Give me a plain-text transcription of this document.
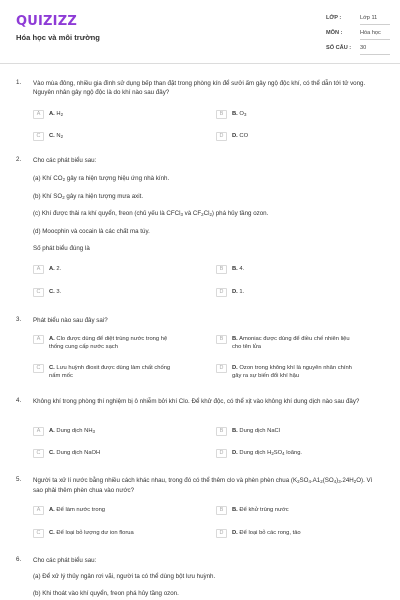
QUIZIZZ
Hóa học và môi trường
LỚP :	Lớp 11
MÔN :	Hóa học
SỐ CÂU : 30
1. Vào mùa đông, nhiều gia đình sử dụng bếp than đặt trong phòng kín để sưởi ấm gây ngộ độc khí, có thể dẫn tới tử vong. Nguyên nhân gây ngộ độc là do khí nào sau đây?
A	A. $H_2$	B	B. $O_3$
C	C. $N_2$	D	D. CO
2. Cho các phát biểu sau:
(a) Khí $CO_2$ gây ra hiện tượng hiệu ứng nhà kính.
(b) Khí $SO_2$ gây ra hiện tượng mưa axit.
(c) Khí được thải ra khí quyển, freon (chủ yếu là CFCl$_3$ và $CF_2Cl_2$) phá hủy tầng ozon.
(d) Moocphin và cocain là các chất ma túy.
Số phát biểu đúng là
A	A. 2.	B	B. 4.
C	C. 3.	D	D. 1.
3. Phát biểu nào sau đây sai?
A	A. Clo được dùng để diệt trùng nước trong hệ thống cung cấp nước sạch
B	B. Amoniac được dùng để điều chế nhiên liệu cho tên lửa
C	C. Lưu huỳnh đioxit được dùng làm chất chống nấm mốc
D	D. Ozon trong không khí là nguyên nhân chính gây ra sự biến đổi khí hậu
4. Không khí trong phòng thí nghiệm bị ô nhiễm bởi khí Clo. Để khử độc, có thể xịt vào không khí dung dịch nào sau đây?
A	A. Dung dịch $NH_3$	B	B. Dung dịch NaCl
C	C. Dung dịch NaOH	D	D. Dung dịch $H_2SO_4$ loãng.
5. Người ta xử lí nước bằng nhiều cách khác nhau, trong đó có thể thêm clo và phèn phèn chua $(K_2SO_4.A1_2(SO_4)_3.24H_2O)$. Vì sao phải thêm phèn chua vào nước?
A	A. Để làm nước trong	B	B. Để khử trùng nước
C	C. Để loại bỏ lượng dư ion florua	D	D. Để loại bỏ các rong, tảo
6. Cho các phát biểu sau:
(a) Để xử lý thủy ngân rơi vãi, người ta có thể dùng bột lưu huỳnh.
(b) Khi thoát vào khí quyển, freon phá hủy tầng ozon.
